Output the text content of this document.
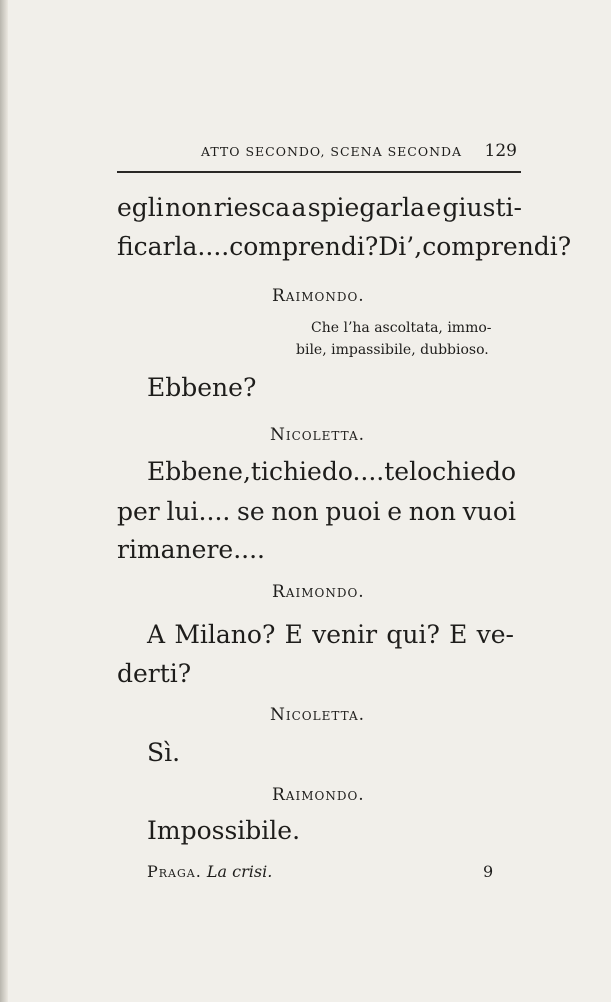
ATTO SECONDO, SCENA SECONDA 129
egli non riesca a spiegarla e giusti-
ficarla.... comprendi? Di’, comprendi?
Raimondo.
Che l’ha ascoltata, immo-
bile, impassibile, dubbioso.
Ebbene?
Nicoletta.
Ebbene, ti chiedo.... te lo chiedo
per lui.... se non puoi e non vuoi
rimanere....
Raimondo.
A Milano? E venir qui? E ve-
derti?
Nicoletta.
Sì.
Raimondo.
Impossibile.
Praga. La crisi.	9
